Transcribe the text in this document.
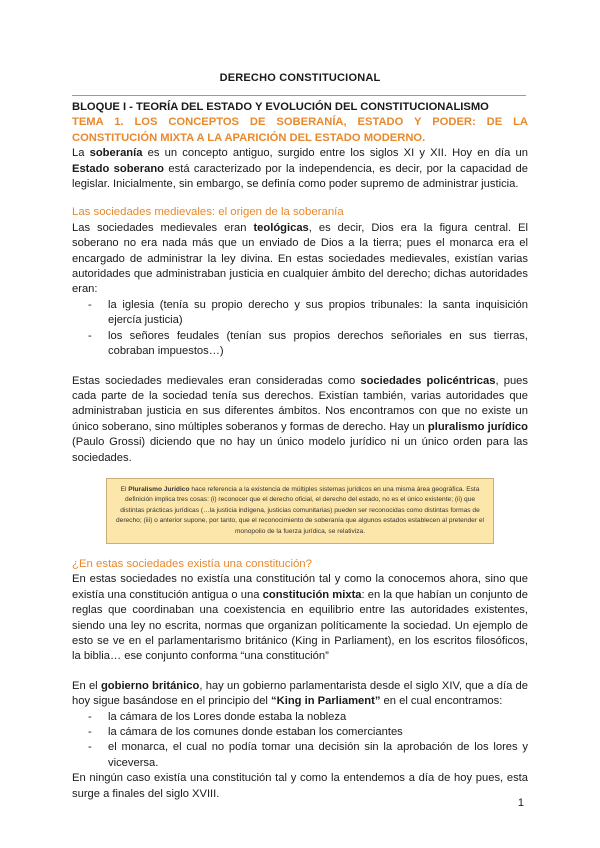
DERECHO CONSTITUCIONAL
BLOQUE I - TEORÍA DEL ESTADO Y EVOLUCIÓN DEL CONSTITUCIONALISMO
TEMA 1. LOS CONCEPTOS DE SOBERANÍA, ESTADO Y PODER: DE LA CONSTITUCIÓN MIXTA A LA APARICIÓN DEL ESTADO MODERNO.

La soberanía es un concepto antiguo, surgido entre los siglos XI y XII. Hoy en día un Estado soberano está caracterizado por la independencia, es decir, por la capacidad de legislar. Inicialmente, sin embargo, se definía como poder supremo de administrar justicia.

Las sociedades medievales: el origen de la soberanía

Las sociedades medievales eran teológicas, es decir, Dios era la figura central. El soberano no era nada más que un enviado de Dios a la tierra; pues el monarca era el encargado de administrar la ley divina. En estas sociedades medievales, existían varias autoridades que administraban justicia en cualquier ámbito del derecho; dichas autoridades eran:

- la iglesia (tenía su propio derecho y sus propios tribunales: la santa inquisición ejercía justicia)
- los señores feudales (tenían sus propios derechos señoriales en sus tierras, cobraban impuestos…)

Estas sociedades medievales eran consideradas como sociedades policéntricas, pues cada parte de la sociedad tenía sus derechos. Existían también, varias autoridades que administraban justicia en sus diferentes ámbitos. Nos encontramos con que no existe un único soberano, sino múltiples soberanos y formas de derecho. Hay un pluralismo jurídico (Paulo Grossi) diciendo que no hay un único modelo jurídico ni un único orden para las sociedades.

El Pluralismo Jurídico hace referencia a la existencia de múltiples sistemas jurídicos en una misma área geográfica. Esta definición implica tres cosas: (i) reconocer que el derecho oficial, el derecho del estado, no es el único existente; (ii) que distintas prácticas jurídicas (…la justicia indígena, justicias comunitarias) pueden ser reconocidas como distintas formas de derecho; (iii) o anterior supone, por tanto, que el reconocimiento de soberanía que algunos estados establecen al pretender el monopolio de la fuerza jurídica, se relativiza.
¿En estas sociedades existía una constitución?

En estas sociedades no existía una constitución tal y como la conocemos ahora, sino que existía una constitución antigua o una constitución mixta: en la que habían un conjunto de reglas que coordinaban una coexistencia en equilibrio entre las autoridades existentes, siendo una ley no escrita, normas que organizan políticamente la sociedad. Un ejemplo de esto se ve en el parlamentarismo británico (King in Parliament), en los escritos filosóficos, la biblia… ese conjunto conforma “una constitución”

En el gobierno británico, hay un gobierno parlamentarista desde el siglo XIV, que a día de hoy sigue basándose en el principio del “King in Parliament” en el cual encontramos:

- la cámara de los Lores donde estaba la nobleza
- la cámara de los comunes donde estaban los comerciantes
- el monarca, el cual no podía tomar una decisión sin la aprobación de los lores y viceversa.

En ningún caso existía una constitución tal y como la entendemos a día de hoy pues, esta surge a finales del siglo XVIII.

1
